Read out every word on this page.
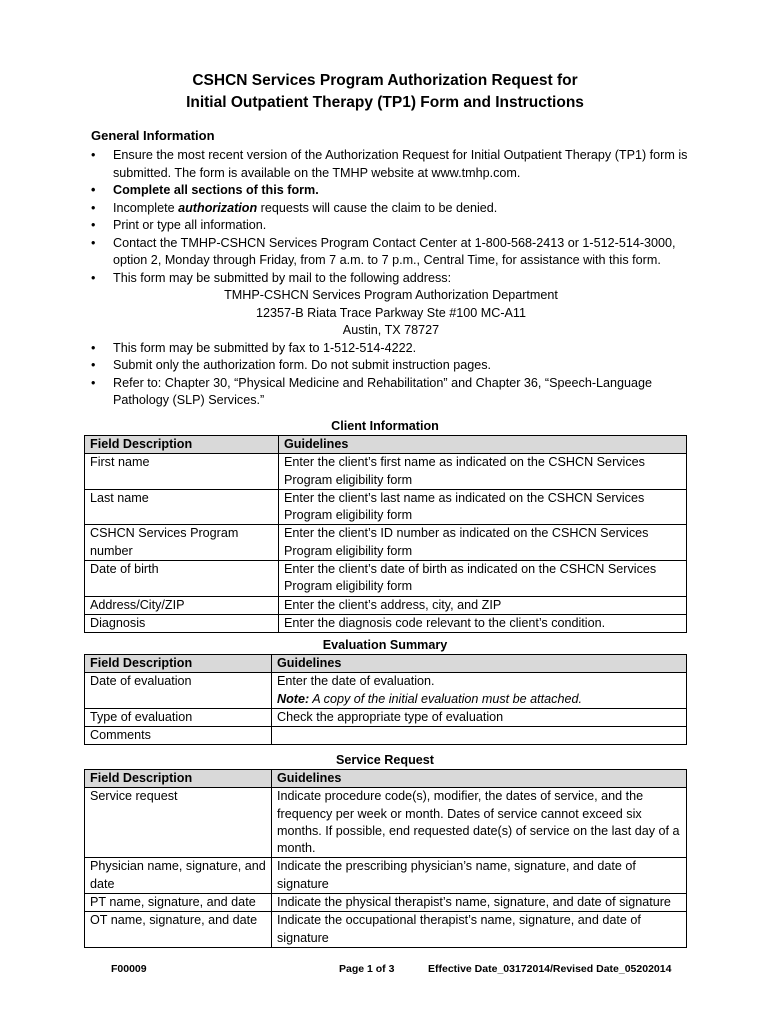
CSHCN Services Program Authorization Request for
Initial Outpatient Therapy (TP1) Form and Instructions
General Information
• Ensure the most recent version of the Authorization Request for Initial Outpatient Therapy (TP1) form is submitted. The form is available on the TMHP website at www.tmhp.com.
• Complete all sections of this form.
• Incomplete authorization requests will cause the claim to be denied.
• Print or type all information.
• Contact the TMHP-CSHCN Services Program Contact Center at 1-800-568-2413 or 1-512-514-3000, option 2, Monday through Friday, from 7 a.m. to 7 p.m., Central Time, for assistance with this form.
• This form may be submitted by mail to the following address:
TMHP-CSHCN Services Program Authorization Department
12357-B Riata Trace Parkway Ste #100 MC-A11
Austin, TX 78727
• This form may be submitted by fax to 1-512-514-4222.
• Submit only the authorization form. Do not submit instruction pages.
• Refer to: Chapter 30, “Physical Medicine and Rehabilitation” and Chapter 36, “Speech-Language Pathology (SLP) Services.”
Client Information
Field Description	Guidelines
First name	Enter the client’s first name as indicated on the CSHCN Services Program eligibility form
Last name	Enter the client’s last name as indicated on the CSHCN Services Program eligibility form
CSHCN Services Program number	Enter the client’s ID number as indicated on the CSHCN Services Program eligibility form
Date of birth	Enter the client’s date of birth as indicated on the CSHCN Services Program eligibility form
Address/City/ZIP	Enter the client’s address, city, and ZIP
Diagnosis	Enter the diagnosis code relevant to the client’s condition.
Evaluation Summary
Field Description	Guidelines
Date of evaluation	Enter the date of evaluation.
Note: A copy of the initial evaluation must be attached.

Type of evaluation	Check the appropriate type of evaluation
Comments	
Service Request
Field Description	Guidelines
Service request	Indicate procedure code(s), modifier, the dates of service, and the frequency per week or month. Dates of service cannot exceed six months. If possible, end requested date(s) of service on the last day of a month.
Physician name, signature, and date	Indicate the prescribing physician’s name, signature, and date of signature
PT name, signature, and date	Indicate the physical therapist’s name, signature, and date of signature
OT name, signature, and date	Indicate the occupational therapist’s name, signature, and date of signature
F00009	Page 1 of 3	Effective Date_03172014/Revised Date_05202014
